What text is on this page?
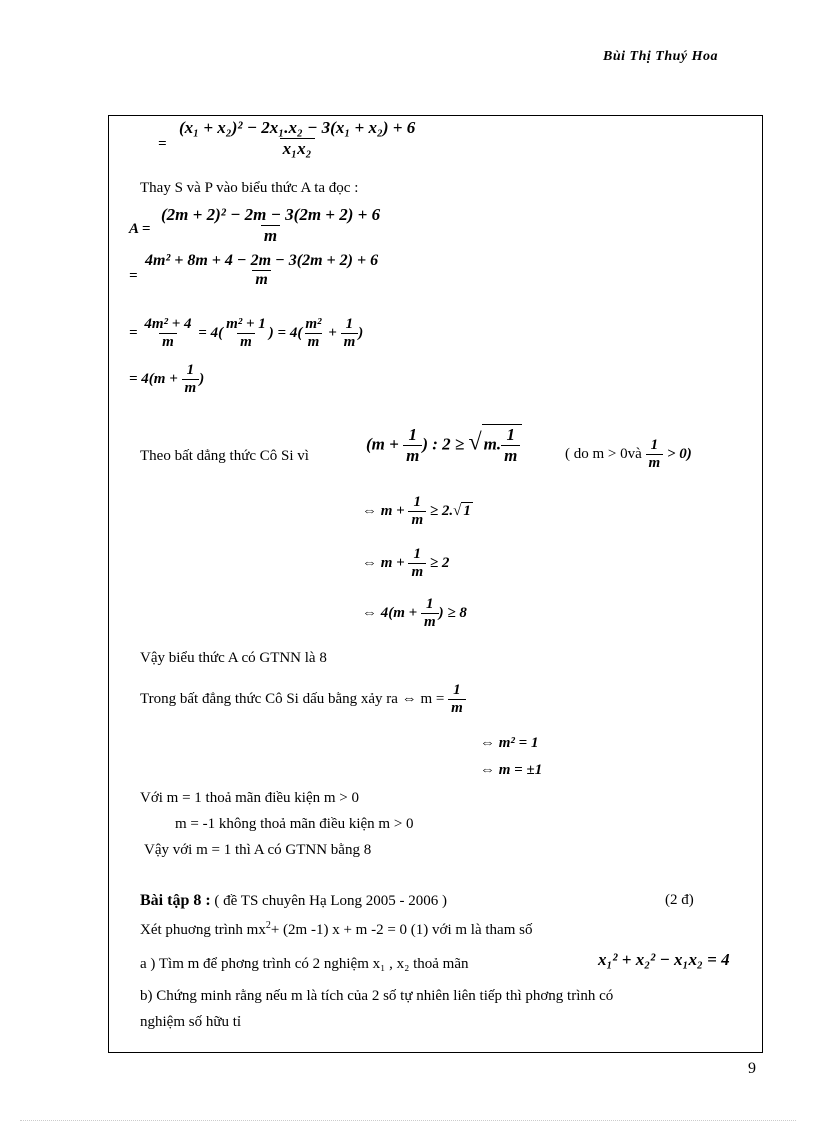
Bùi Thị Thuý Hoa
= $\frac{\text{(x₁ + x₂)² − 2x₁.x₂ − 3(x₁ + x₂) + 6}}{\text{x₁x₂}}$
Thay S và P vào biểu thức A ta đọc :
$A = \frac{\text{(2m + 2)² − 2m − 3(2m + 2) + 6}}{m}$
= $\frac{\text{4m² + 8m + 4 − 2m − 3(2m + 2) + 6}}{m}$
= $\frac{\text{4m² + 4}}{m} = 4( \frac{\text{m² + 1}}{m}$ ) = $4( \frac{\text{m²}}{m} + \frac{1}{m}$ )
= $4(m + \frac{1}{m}$ )
Theo bất dẳng thức Cô Si vì
($m + \frac{1}{m}$ ) : 2 ≥ √ m. $\frac{1}{m}$	( do m > 0và $\frac{1}{m} > 0$)
⇔ $m + \frac{1}{m} \ge 2.√$ 1
⇔ $m + \frac{1}{m} \ge 2$
⇔ $4(m + \frac{1}{m}$ ) ≥ 8
Vậy biểu thức A có GTNN là 8
Trong bất đẳng thức Cô Si dấu bằng xảy ra ⇔ $m = \frac{1}{m}$
⇔ m² = 1
⇔ m = ±1
Với m = 1 thoả mãn điều kiện m > 0
m = -1 không thoả mãn điều kiện m > 0
Vậy với m = 1 thì A có GTNN bằng 8
Bài tập 8 : ( đề TS chuyên Hạ Long 2005 - 2006 )	(2 đ)
Xét phuơng trình $mx^2+ (2m$ -1) x + m -2 = 0 (1) với m là tham số
a ) Tìm m để phơng trình có 2 nghiệm x₁ , x₂ thoả mãn	x₁² + x₂² − x₁x₂ = 4
b) Chứng minh rằng nếu m là tích của 2 số tự nhiên liên tiếp thì phơng trình có
nghiệm số hữu tỉ
9
